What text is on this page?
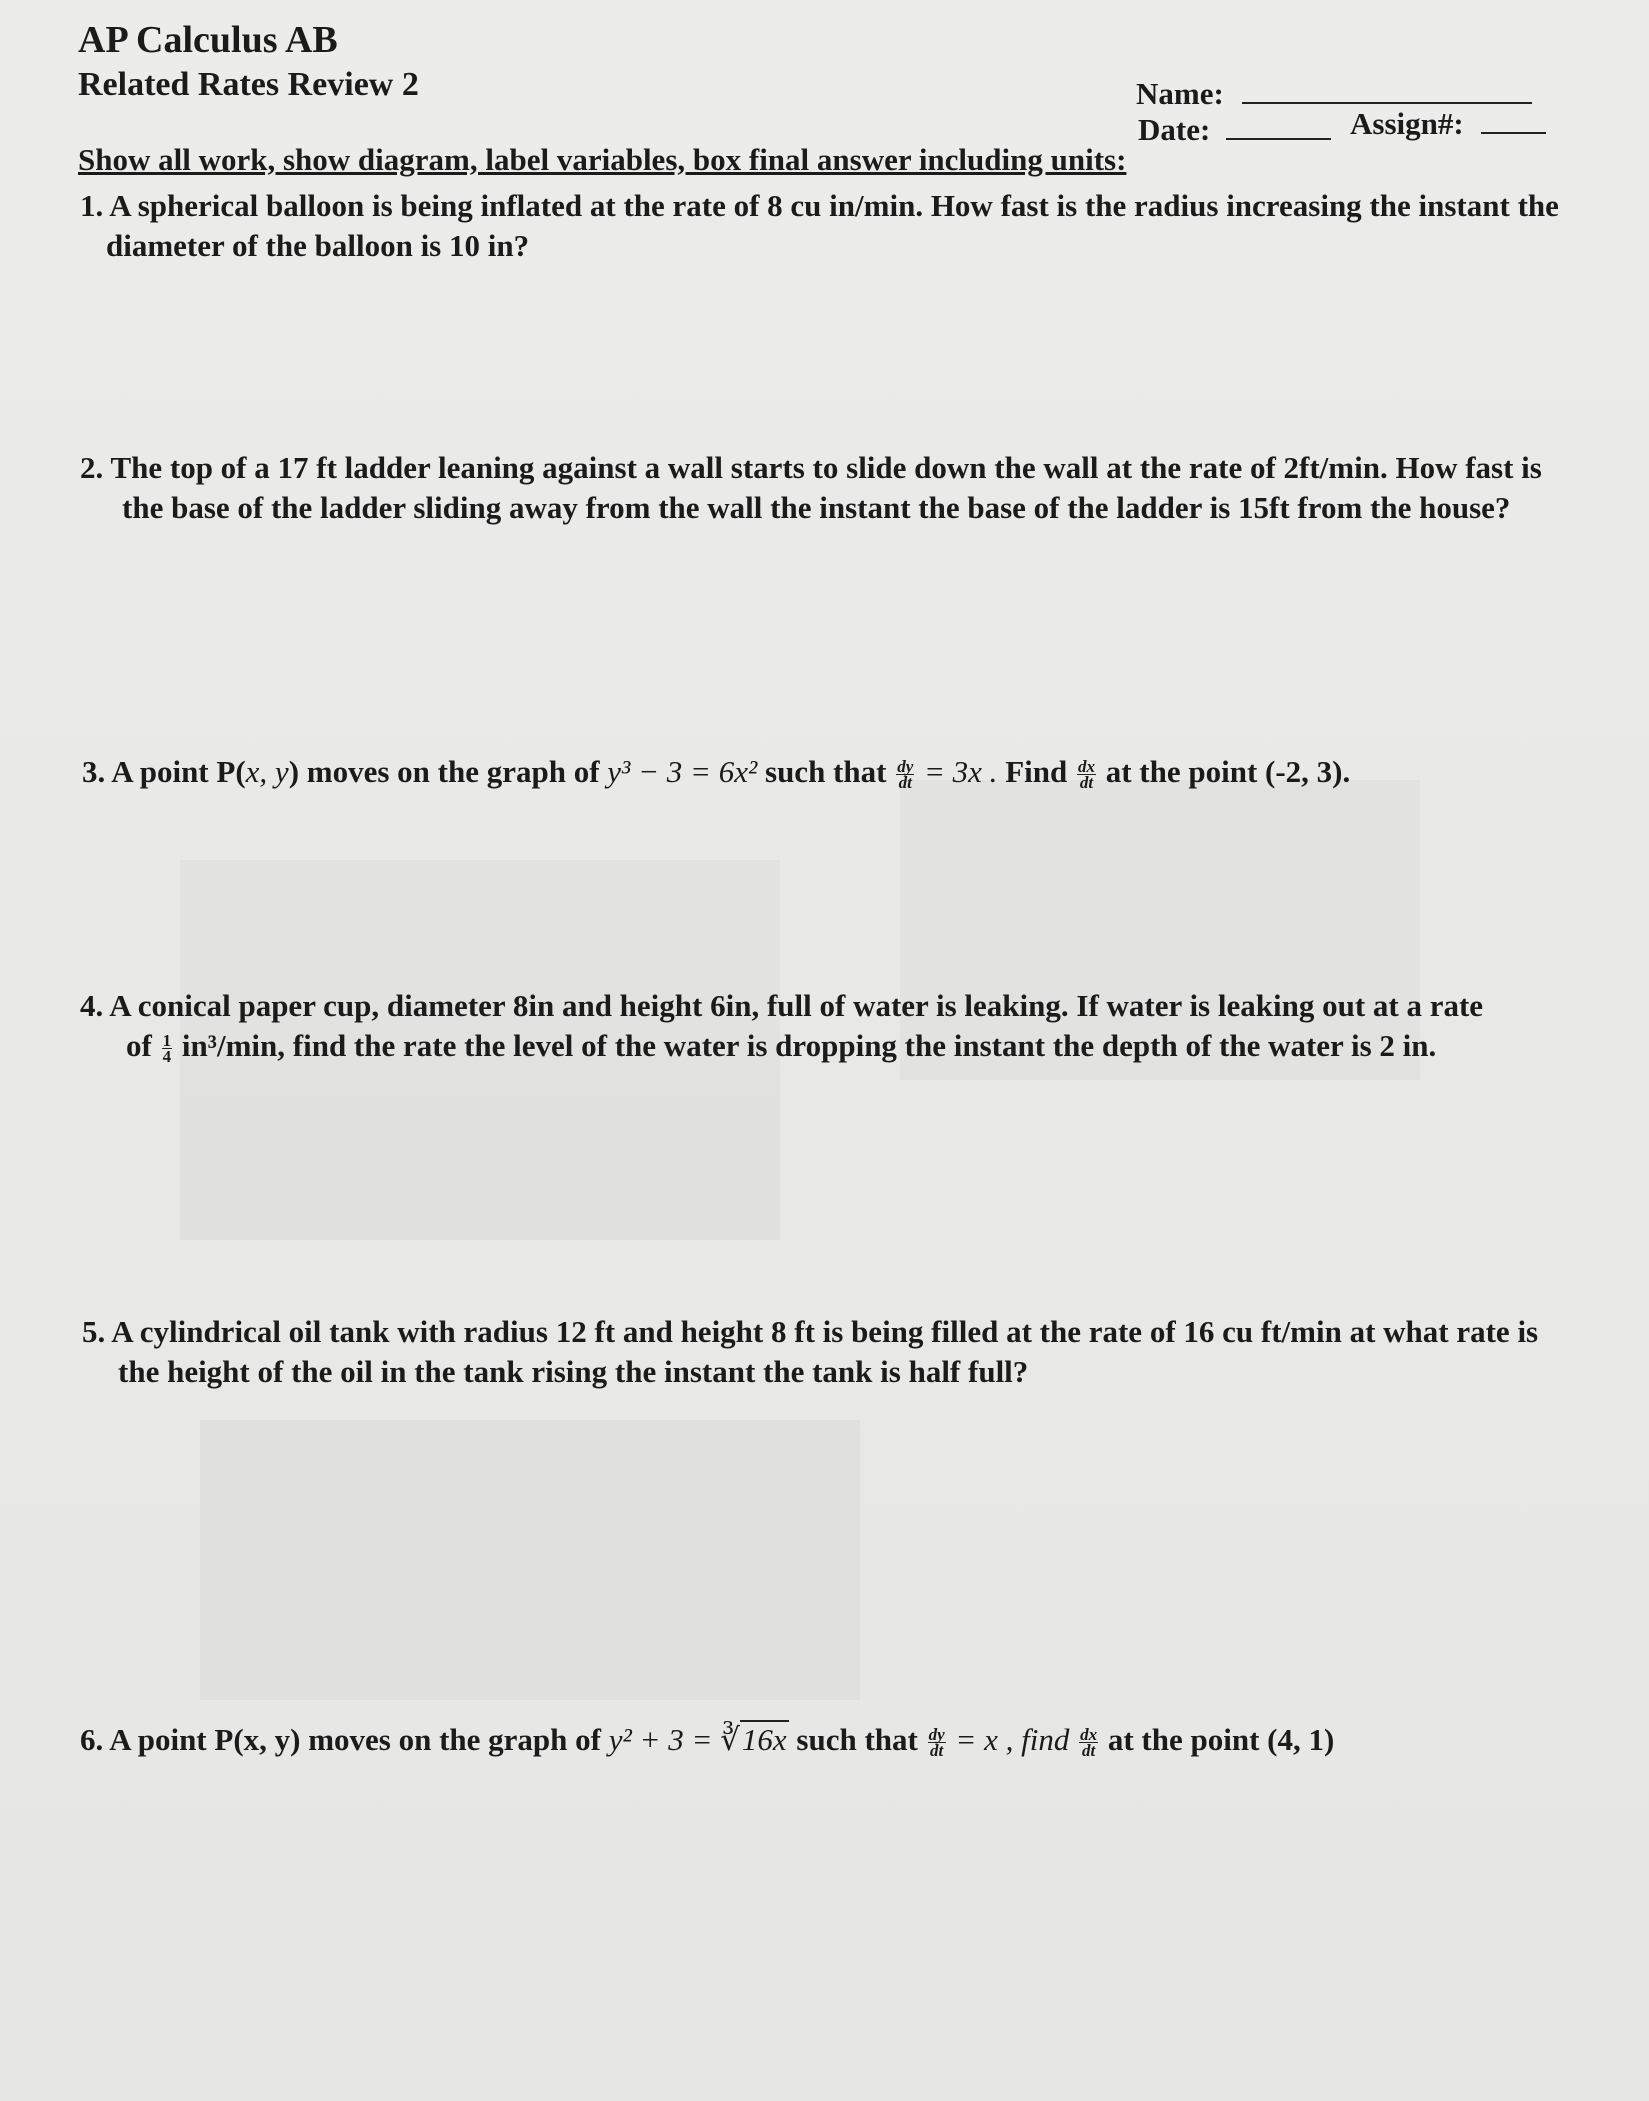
AP Calculus AB
Related Rates Review 2	Name:
Date:	Assign#:
Show all work, show diagram, label variables, box final answer including units:
1. A spherical balloon is being inflated at the rate of 8 cu in/min. How fast is the radius increasing the instant the
diameter of the balloon is 10 in?
2. The top of a 17 ft ladder leaning against a wall starts to slide down the wall at the rate of 2ft/min. How fast is
the base of the ladder sliding away from the wall the instant the base of the ladder is 15ft from the house?
3. A point P(x, y) moves on the graph of y³ − 3 = 6x² such that $\frac{dy}{dt} = 3x$ . Find $\frac{dx}{dt}$ at the point (-2, 3).
4. A conical paper cup, diameter 8in and height 6in, full of water is leaking. If water is leaking out at a rate
of $\frac{1}{4} in^3/\min$, find the rate the level of the water is dropping the instant the depth of the water is 2 in.
5. A cylindrical oil tank with radius 12 ft and height 8 ft is being filled at the rate of 16 cu ft/min at what rate is
the height of the oil in the tank rising the instant the tank is half full?
6. A point P(x, y) moves on the graph of y² + 3 = ∛16x such that $\frac{dy}{dt} = x$ , find $\frac{dx}{dt}$ at the point (4, 1)
